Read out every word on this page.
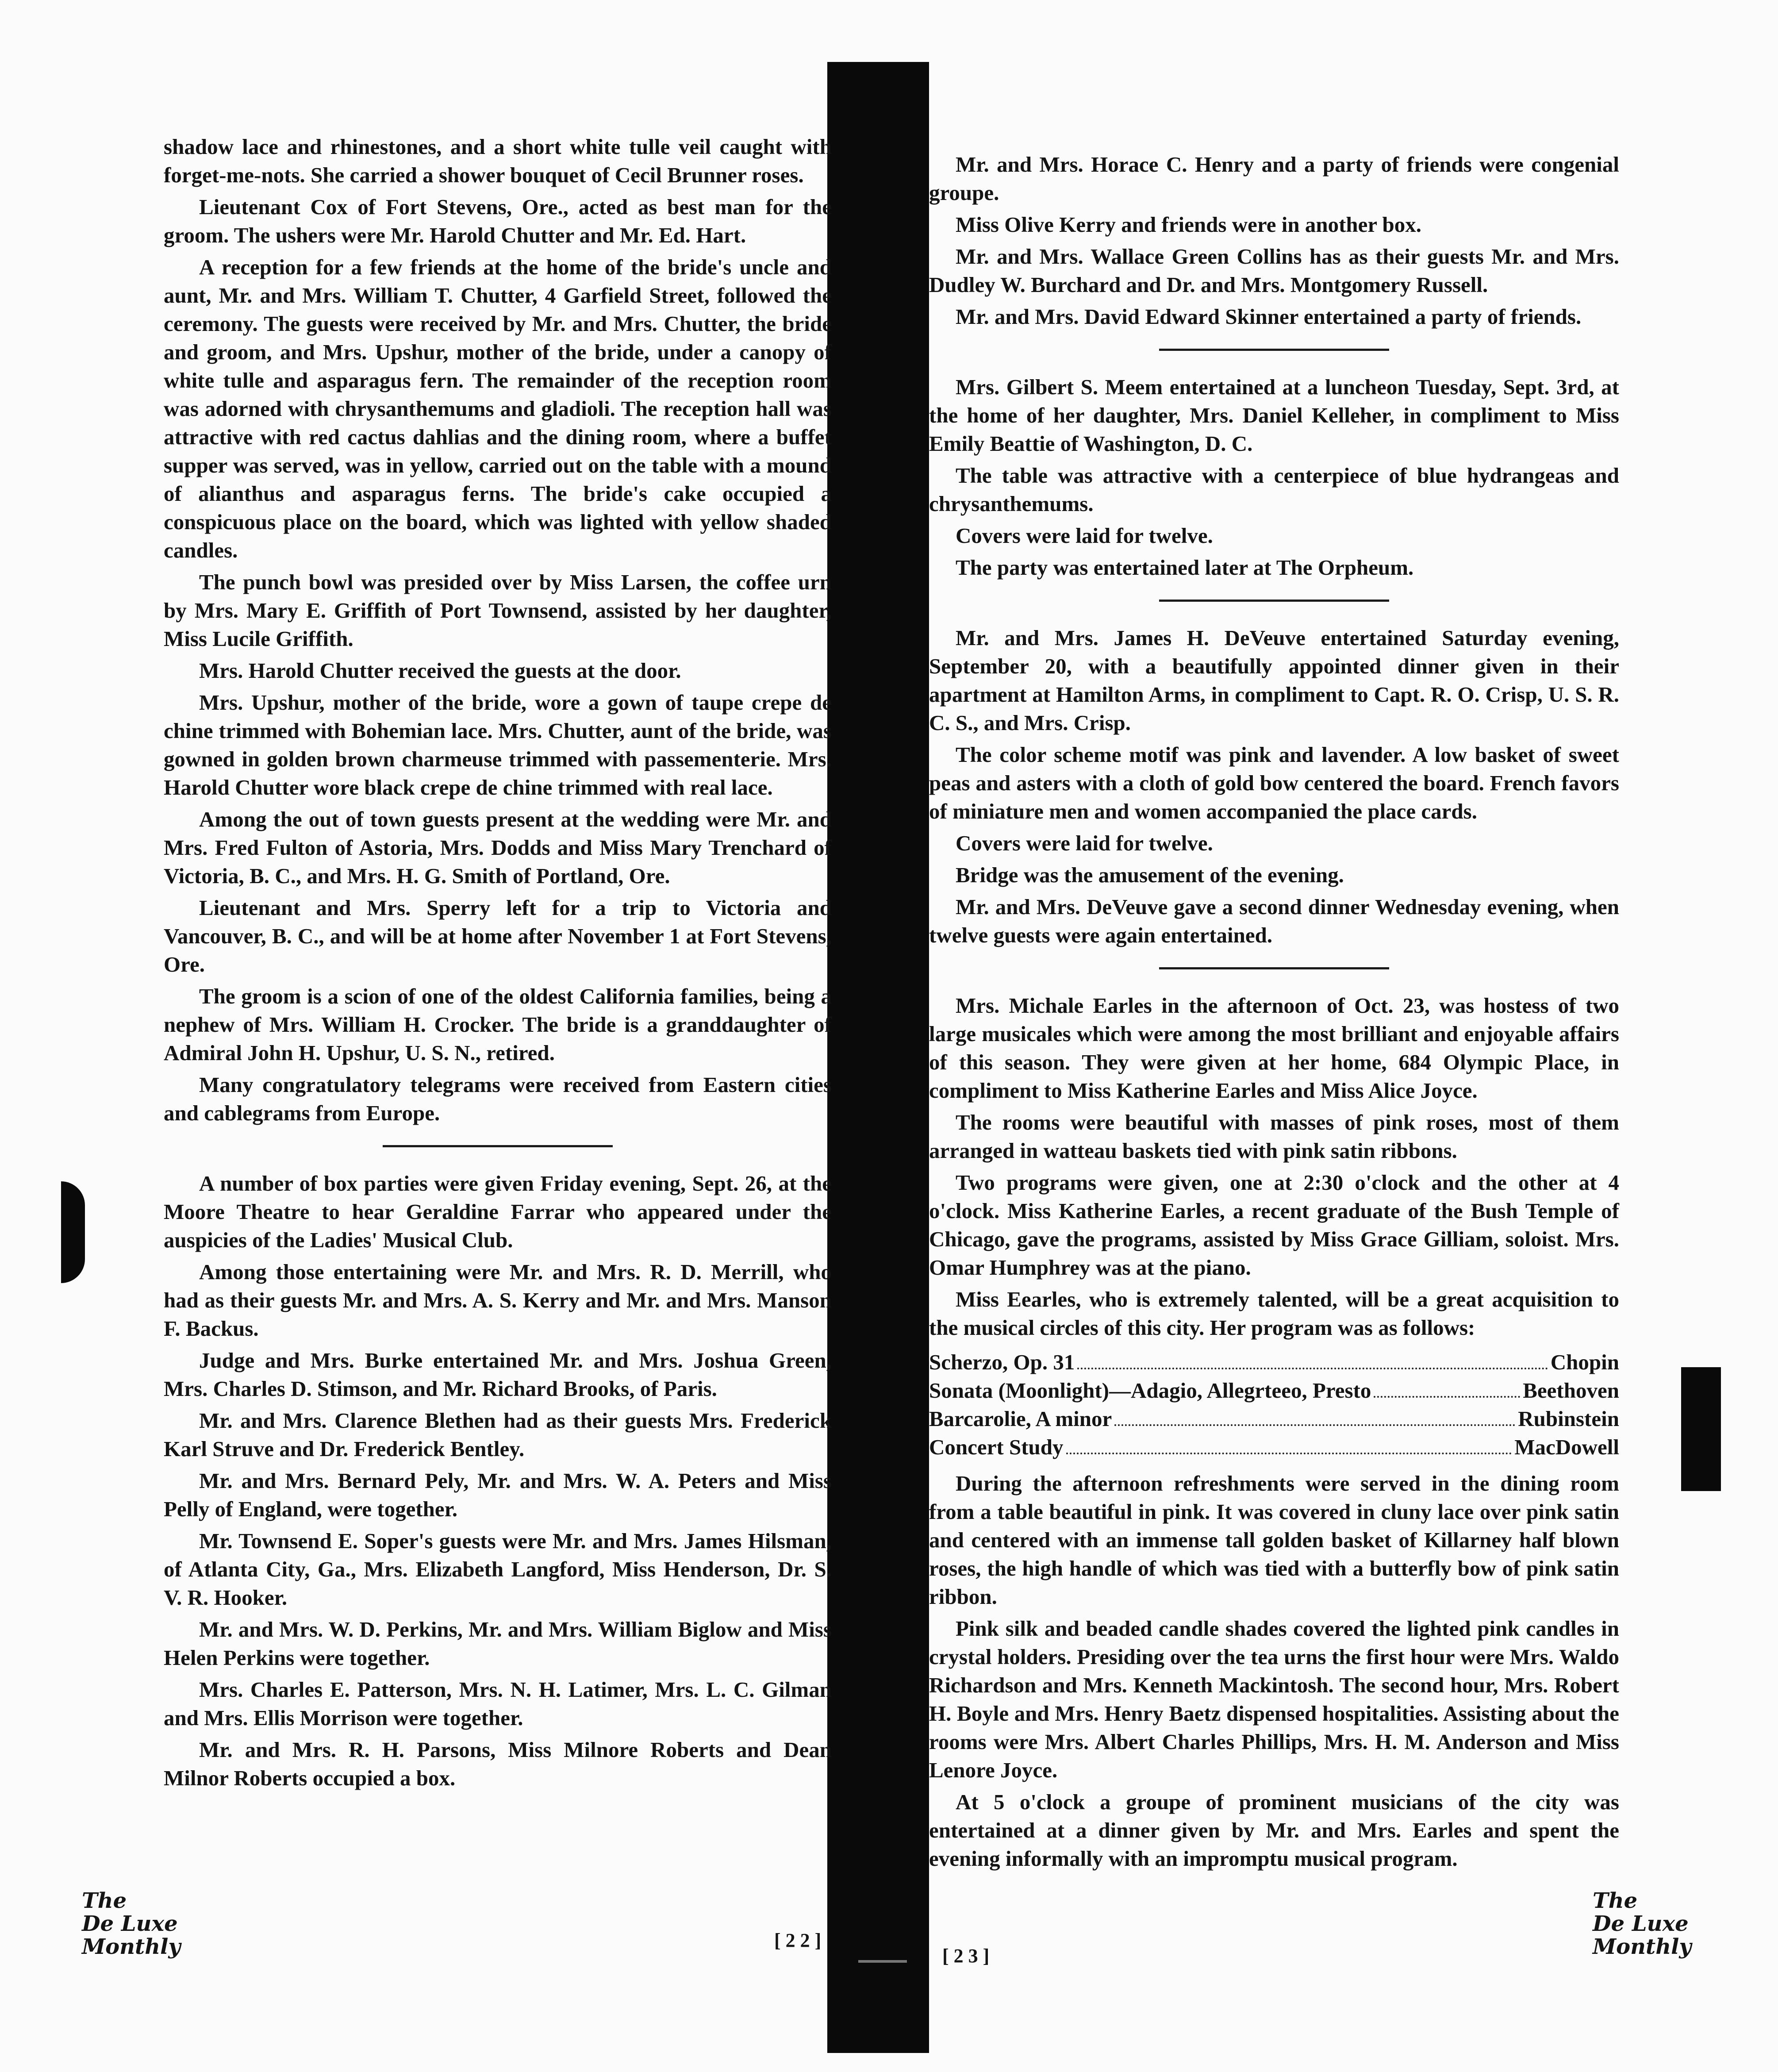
shadow lace and rhinestones, and a short white tulle veil caught with forget-me-nots. She carried a shower bouquet of Cecil Brunner roses.

Lieutenant Cox of Fort Stevens, Ore., acted as best man for the groom. The ushers were Mr. Harold Chutter and Mr. Ed. Hart.

A reception for a few friends at the home of the bride's uncle and aunt, Mr. and Mrs. William T. Chutter, 4 Garfield Street, followed the ceremony. The guests were received by Mr. and Mrs. Chutter, the bride and groom, and Mrs. Upshur, mother of the bride, under a canopy of white tulle and asparagus fern. The remainder of the reception room was adorned with chrysanthemums and gladioli. The reception hall was attractive with red cactus dahlias and the dining room, where a buffet supper was served, was in yellow, carried out on the table with a mound of alianthus and asparagus ferns. The bride's cake occupied a conspicuous place on the board, which was lighted with yellow shaded candles.

The punch bowl was presided over by Miss Larsen, the coffee urn by Mrs. Mary E. Griffith of Port Townsend, assisted by her daughter, Miss Lucile Griffith.

Mrs. Harold Chutter received the guests at the door.

Mrs. Upshur, mother of the bride, wore a gown of taupe crepe de chine trimmed with Bohemian lace. Mrs. Chutter, aunt of the bride, was gowned in golden brown charmeuse trimmed with passementerie. Mrs. Harold Chutter wore black crepe de chine trimmed with real lace.

Among the out of town guests present at the wedding were Mr. and Mrs. Fred Fulton of Astoria, Mrs. Dodds and Miss Mary Trenchard of Victoria, B. C., and Mrs. H. G. Smith of Portland, Ore.

Lieutenant and Mrs. Sperry left for a trip to Victoria and Vancouver, B. C., and will be at home after November 1 at Fort Stevens, Ore.

The groom is a scion of one of the oldest California families, being a nephew of Mrs. William H. Crocker. The bride is a granddaughter of Admiral John H. Upshur, U. S. N., retired.

Many congratulatory telegrams were received from Eastern cities and cablegrams from Europe.

A number of box parties were given Friday evening, Sept. 26, at the Moore Theatre to hear Geraldine Farrar who appeared under the auspicies of the Ladies' Musical Club.

Among those entertaining were Mr. and Mrs. R. D. Merrill, who had as their guests Mr. and Mrs. A. S. Kerry and Mr. and Mrs. Manson F. Backus.

Judge and Mrs. Burke entertained Mr. and Mrs. Joshua Green, Mrs. Charles D. Stimson, and Mr. Richard Brooks, of Paris.

Mr. and Mrs. Clarence Blethen had as their guests Mrs. Frederick Karl Struve and Dr. Frederick Bentley.

Mr. and Mrs. Bernard Pely, Mr. and Mrs. W. A. Peters and Miss Pelly of England, were together.

Mr. Townsend E. Soper's guests were Mr. and Mrs. James Hilsman, of Atlanta City, Ga., Mrs. Elizabeth Langford, Miss Henderson, Dr. S. V. R. Hooker.

Mr. and Mrs. W. D. Perkins, Mr. and Mrs. William Biglow and Miss Helen Perkins were together.

Mrs. Charles E. Patterson, Mrs. N. H. Latimer, Mrs. L. C. Gilman and Mrs. Ellis Morrison were together.

Mr. and Mrs. R. H. Parsons, Miss Milnore Roberts and Dean Milnor Roberts occupied a box.

The
De Luxe
Monthly	[ 2 2 ]

Mr. and Mrs. Horace C. Henry and a party of friends were congenial groupe.

Miss Olive Kerry and friends were in another box.

Mr. and Mrs. Wallace Green Collins has as their guests Mr. and Mrs. Dudley W. Burchard and Dr. and Mrs. Montgomery Russell.

Mr. and Mrs. David Edward Skinner entertained a party of friends.

Mrs. Gilbert S. Meem entertained at a luncheon Tuesday, Sept. 3rd, at the home of her daughter, Mrs. Daniel Kelleher, in compliment to Miss Emily Beattie of Washington, D. C.

The table was attractive with a centerpiece of blue hydrangeas and chrysanthemums.

Covers were laid for twelve.

The party was entertained later at The Orpheum.

Mr. and Mrs. James H. DeVeuve entertained Saturday evening, September 20, with a beautifully appointed dinner given in their apartment at Hamilton Arms, in compliment to Capt. R. O. Crisp, U. S. R. C. S., and Mrs. Crisp.

The color scheme motif was pink and lavender. A low basket of sweet peas and asters with a cloth of gold bow centered the board. French favors of miniature men and women accompanied the place cards.

Covers were laid for twelve.

Bridge was the amusement of the evening.

Mr. and Mrs. DeVeuve gave a second dinner Wednesday evening, when twelve guests were again entertained.

Mrs. Michale Earles in the afternoon of Oct. 23, was hostess of two large musicales which were among the most brilliant and enjoyable affairs of this season. They were given at her home, 684 Olympic Place, in compliment to Miss Katherine Earles and Miss Alice Joyce.

The rooms were beautiful with masses of pink roses, most of them arranged in watteau baskets tied with pink satin ribbons.

Two programs were given, one at 2:30 o'clock and the other at 4 o'clock. Miss Katherine Earles, a recent graduate of the Bush Temple of Chicago, gave the programs, assisted by Miss Grace Gilliam, soloist. Mrs. Omar Humphrey was at the piano.

Miss Eearles, who is extremely talented, will be a great acquisition to the musical circles of this city. Her program was as follows:

Scherzo, Op. 31	Chopin
Sonata (Moonlight)—Adagio, Allegrteeo, Presto	Beethoven
Barcarolie, A minor	Rubinstein
Concert Study	MacDowell

During the afternoon refreshments were served in the dining room from a table beautiful in pink. It was covered in cluny lace over pink satin and centered with an immense tall golden basket of Killarney half blown roses, the high handle of which was tied with a butterfly bow of pink satin ribbon.

Pink silk and beaded candle shades covered the lighted pink candles in crystal holders. Presiding over the tea urns the first hour were Mrs. Waldo Richardson and Mrs. Kenneth Mackintosh. The second hour, Mrs. Robert H. Boyle and Mrs. Henry Baetz dispensed hospitalities. Assisting about the rooms were Mrs. Albert Charles Phillips, Mrs. H. M. Anderson and Miss Lenore Joyce.

At 5 o'clock a groupe of prominent musicians of the city was entertained at a dinner given by Mr. and Mrs. Earles and spent the evening informally with an impromptu musical program.

[ 2 3 ]
The
De Luxe
Monthly
